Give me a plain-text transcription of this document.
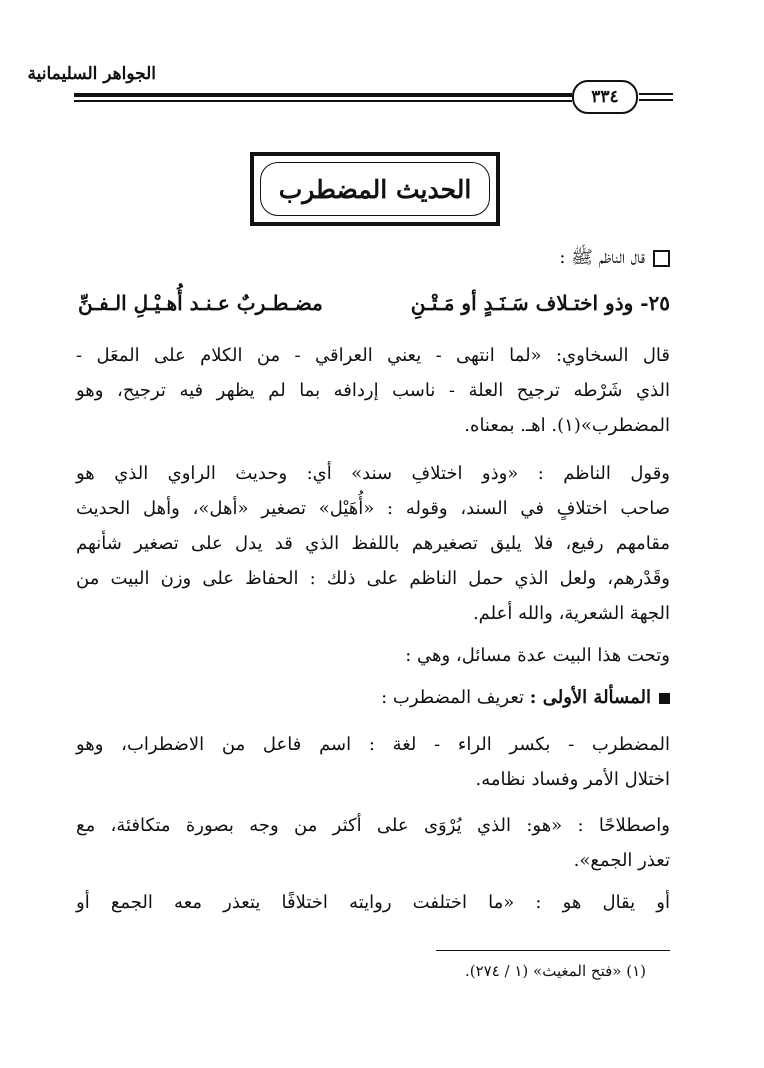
الجواهر السليمانية
٣٣٤
الحديث المضطرب
قال الناظم ﷺ :
٢٥- وذو اختـلاف سَـنَـدٍ أو مَـتْـنِ
مضـطـربٌ عـنـد أُهـيْـلِ الـفـنِّ
قال السخاوي: «لما انتهى - يعني العراقي - من الكلام على المعَل -
الذي شَرْطه ترجيح العلة - ناسب إردافه بما لم يظهر فيه ترجيح، وهو
المضطرب»(١). اهـ. بمعناه.
وقول الناظم : «وذو اختلافِ سند» أي: وحديث الراوي الذي هو
صاحب اختلافٍ في السند، وقوله : «أُهَيْل» تصغير «أهل»، وأهل الحديث
مقامهم رفيع، فلا يليق تصغيرهم باللفظ الذي قد يدل على تصغير شأنهم
وقَدْرهم، ولعل الذي حمل الناظم على ذلك : الحفاظ على وزن البيت من
الجهة الشعرية، والله أعلم.
وتحت هذا البيت عدة مسائل، وهي :
المسألة الأولى : تعريف المضطرب :
المضطرب - بكسر الراء - لغة : اسم فاعل من الاضطراب، وهو
اختلال الأمر وفساد نظامه.
واصطلاحًا : «هو: الذي يُرْوَى على أكثر من وجه بصورة متكافئة، مع
تعذر الجمع».
أو يقال هو : «ما اختلفت روايته اختلافًا يتعذر معه الجمع أو
(١) «فتح المغيث» (١ / ٢٧٤).
